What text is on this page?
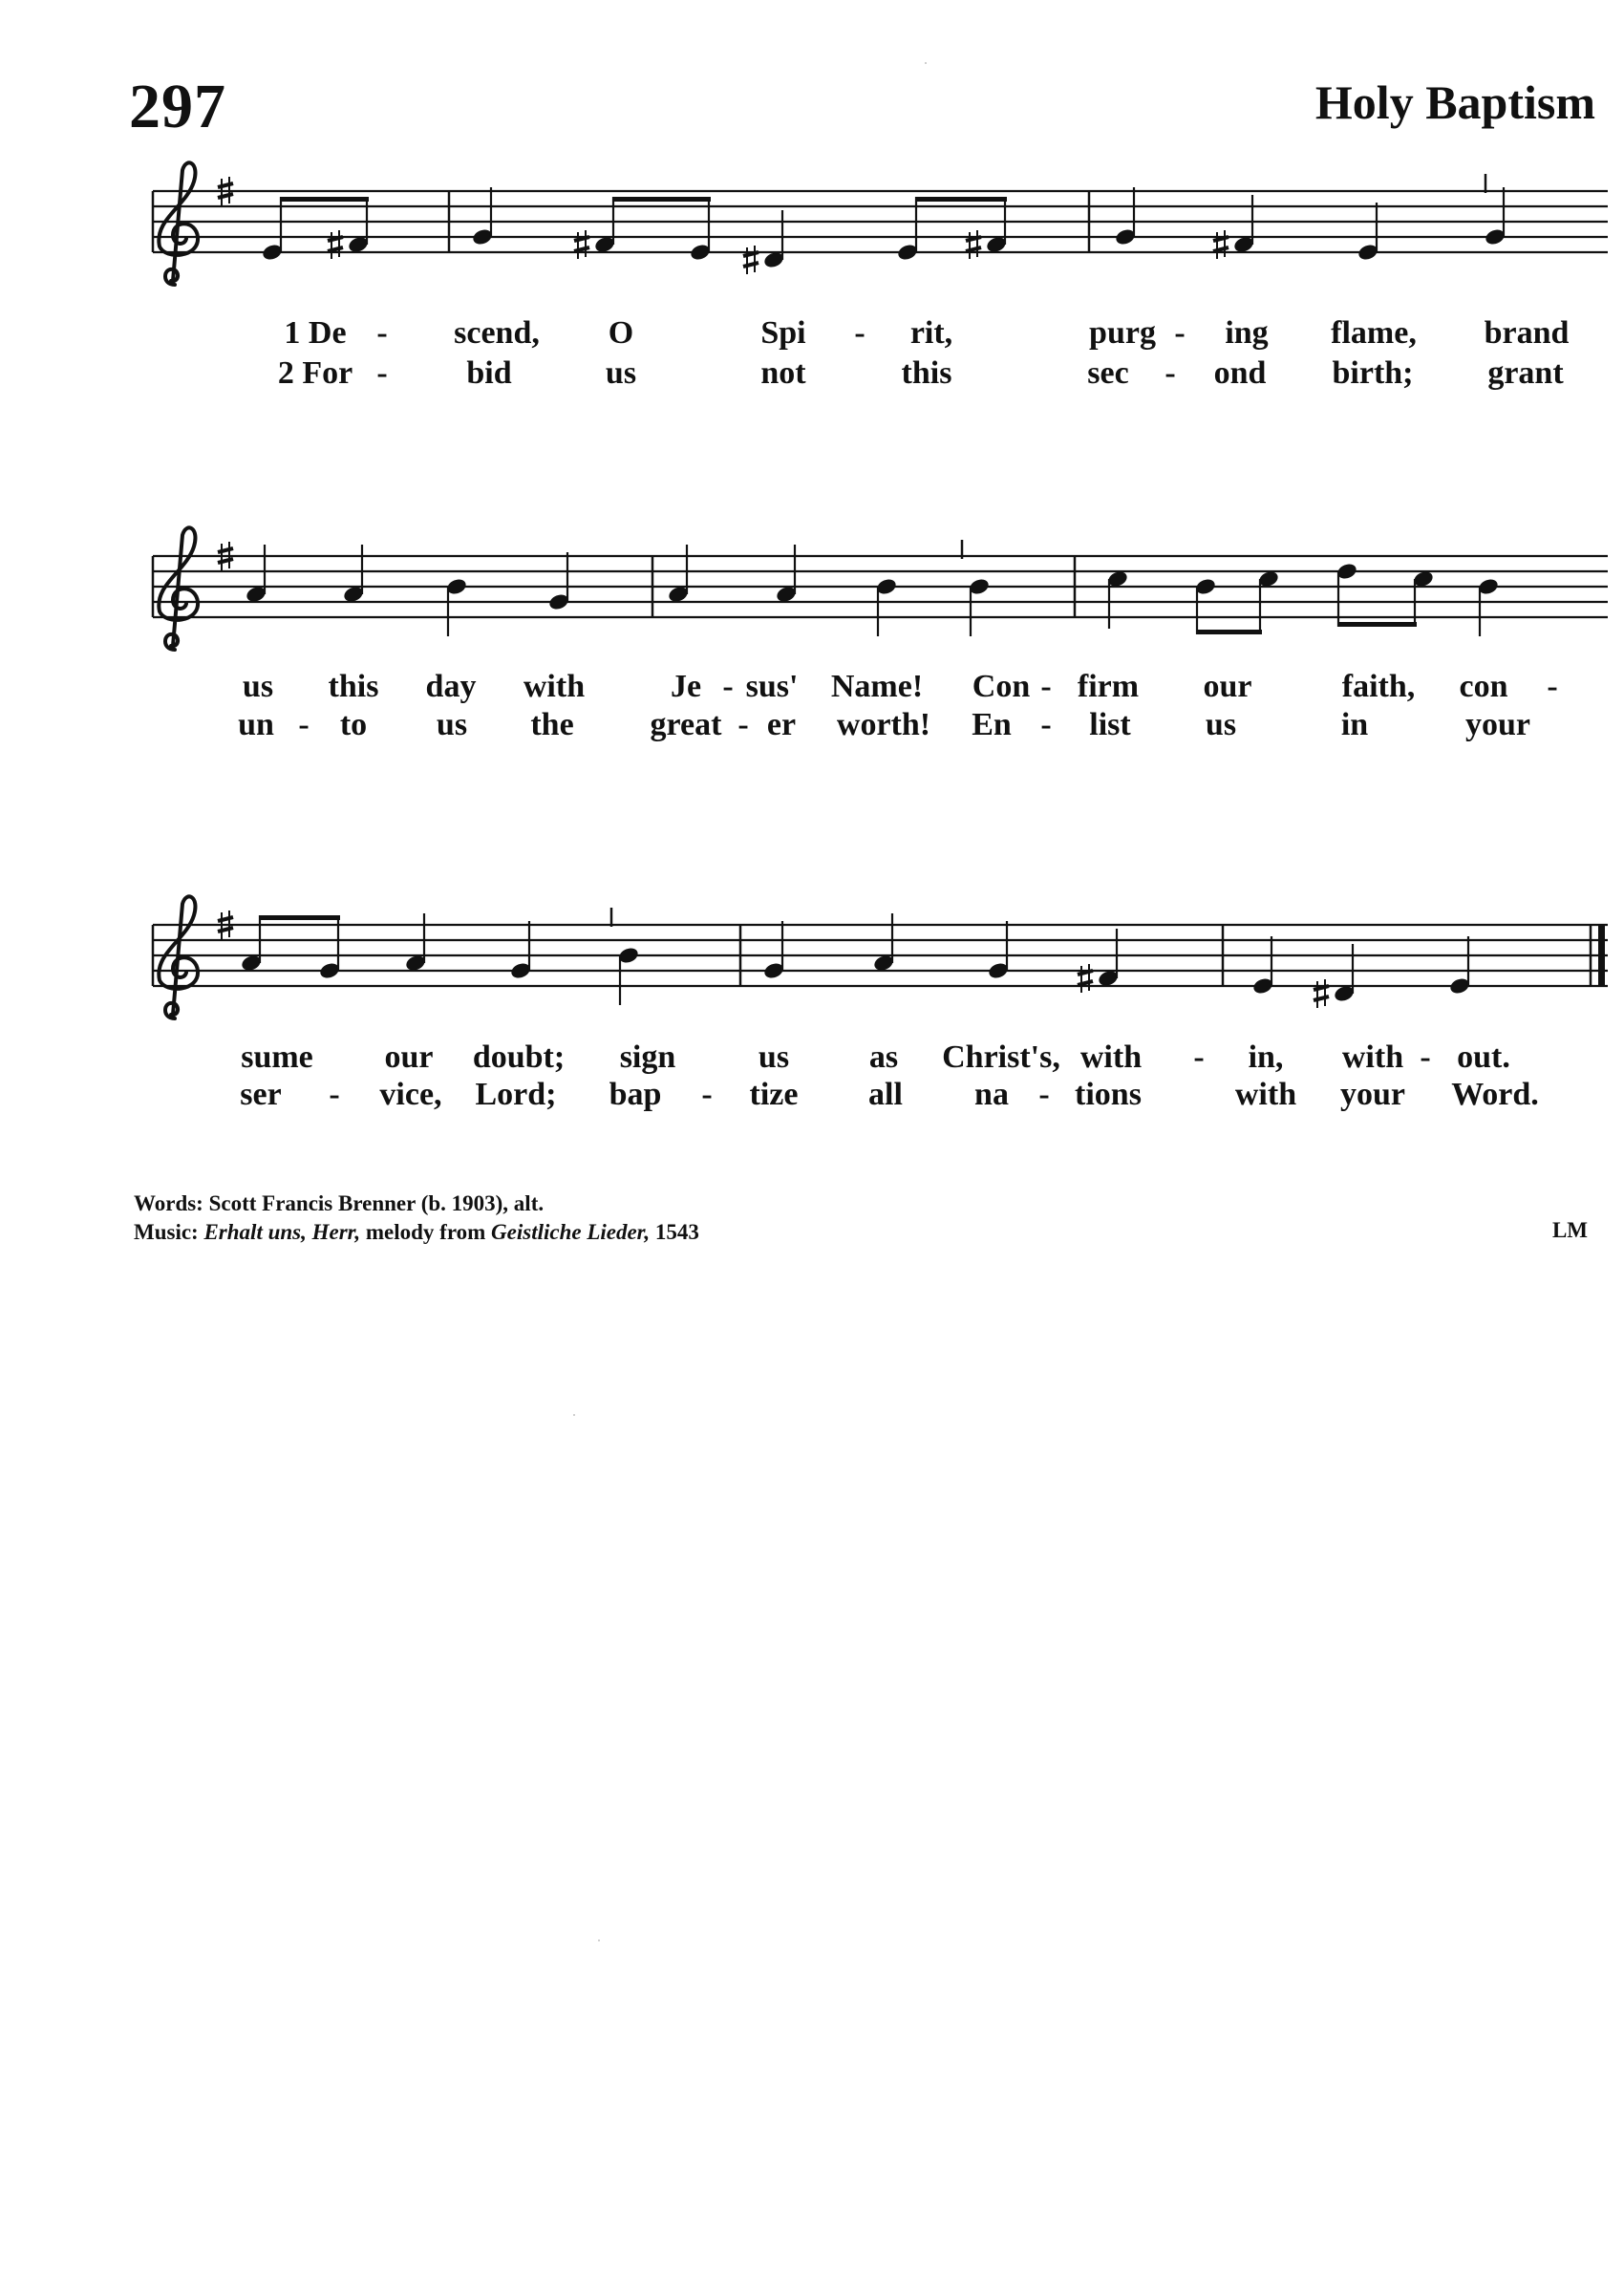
297	Holy Baptism
1 De - scend, O	Spi - rit,	purg - ing flame, brand
2 For - bid	us	not	this	sec - ond birth; grant
us this day with	Je - sus' Name! Con - firm our	faith, con -
un - to us the great - er worth! En - list us	in	your
sume our doubt; sign	us as Christ's, with - in, with - out.
ser - vice, Lord; bap - tize all na - tions	with your Word.
Words: Scott Francis Brenner (b. 1903), alt.
Music: Erhalt uns, Herr, melody from Geistliche Lieder, 1543	LM
